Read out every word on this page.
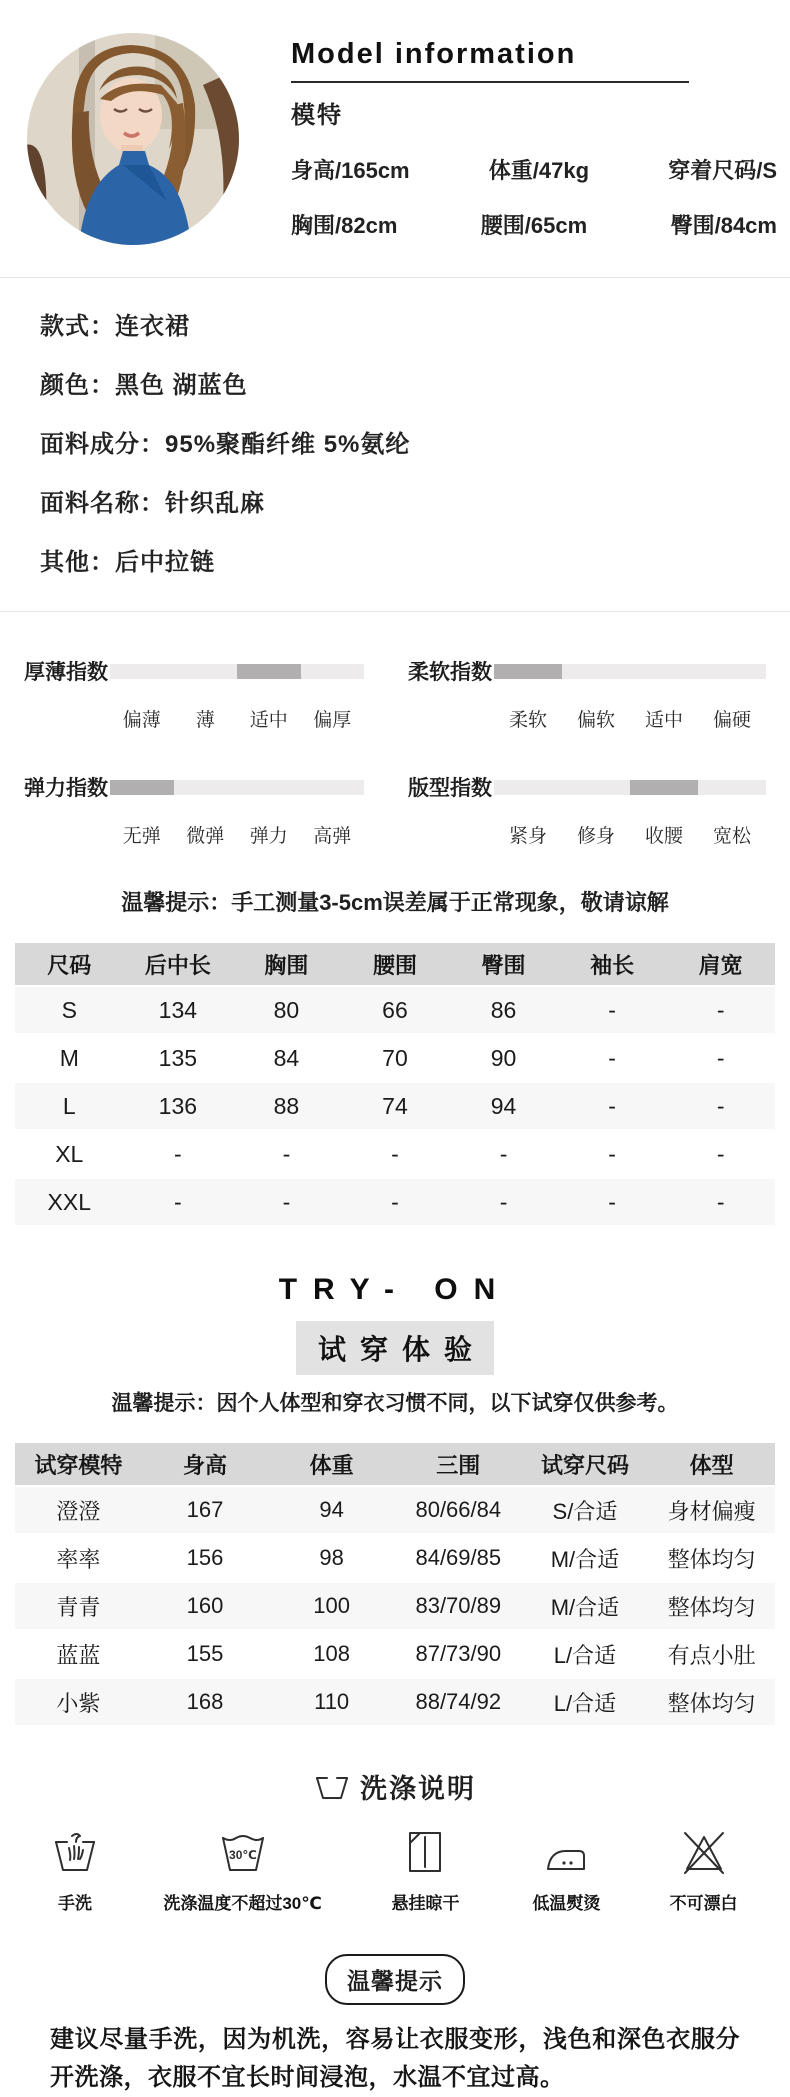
Model information
模特
身高/165cm	体重/47kg	穿着尺码/S
胸围/82cm	腰围/65cm	臀围/84cm

款式：连衣裙

颜色：黑色 湖蓝色

面料成分：95%聚酯纤维 5%氨纶

面料名称：针织乱麻

其他：后中拉链

厚薄指数
偏薄	薄	适中	偏厚
柔软指数
柔软	偏软	适中	偏硬
弹力指数
无弹	微弹	弹力	高弹
版型指数
紧身	修身	收腰	宽松

温馨提示：手工测量3-5cm误差属于正常现象，敬请谅解

尺码	后中长	胸围	腰围	臀围	袖长	肩宽
S	134	80	66	86	-	-
M	135	84	70	90	-	-
L	136	88	74	94	-	-
XL	-	-	-	-	-	-
XXL	-	-	-	-	-	-
TRY- ON
试穿体验

温馨提示：因个人体型和穿衣习惯不同，以下试穿仅供参考。

试穿模特	身高	体重	三围	试穿尺码	体型
澄澄	167	94	80/66/84	S/合适	身材偏瘦
率率	156	98	84/69/85	M/合适	整体均匀
青青	160	100	83/70/89	M/合适	整体均匀
蓝蓝	155	108	87/73/90	L/合适	有点小肚
小紫	168	110	88/74/92	L/合适	整体均匀
洗涤说明
手洗
30℃
洗涤温度不超过30℃	悬挂晾干	低温熨烫	不可漂白
温馨提示

建议尽量手洗，因为机洗，容易让衣服变形，浅色和深色衣服分开洗涤，衣服不宜长时间浸泡，水温不宜过高。
